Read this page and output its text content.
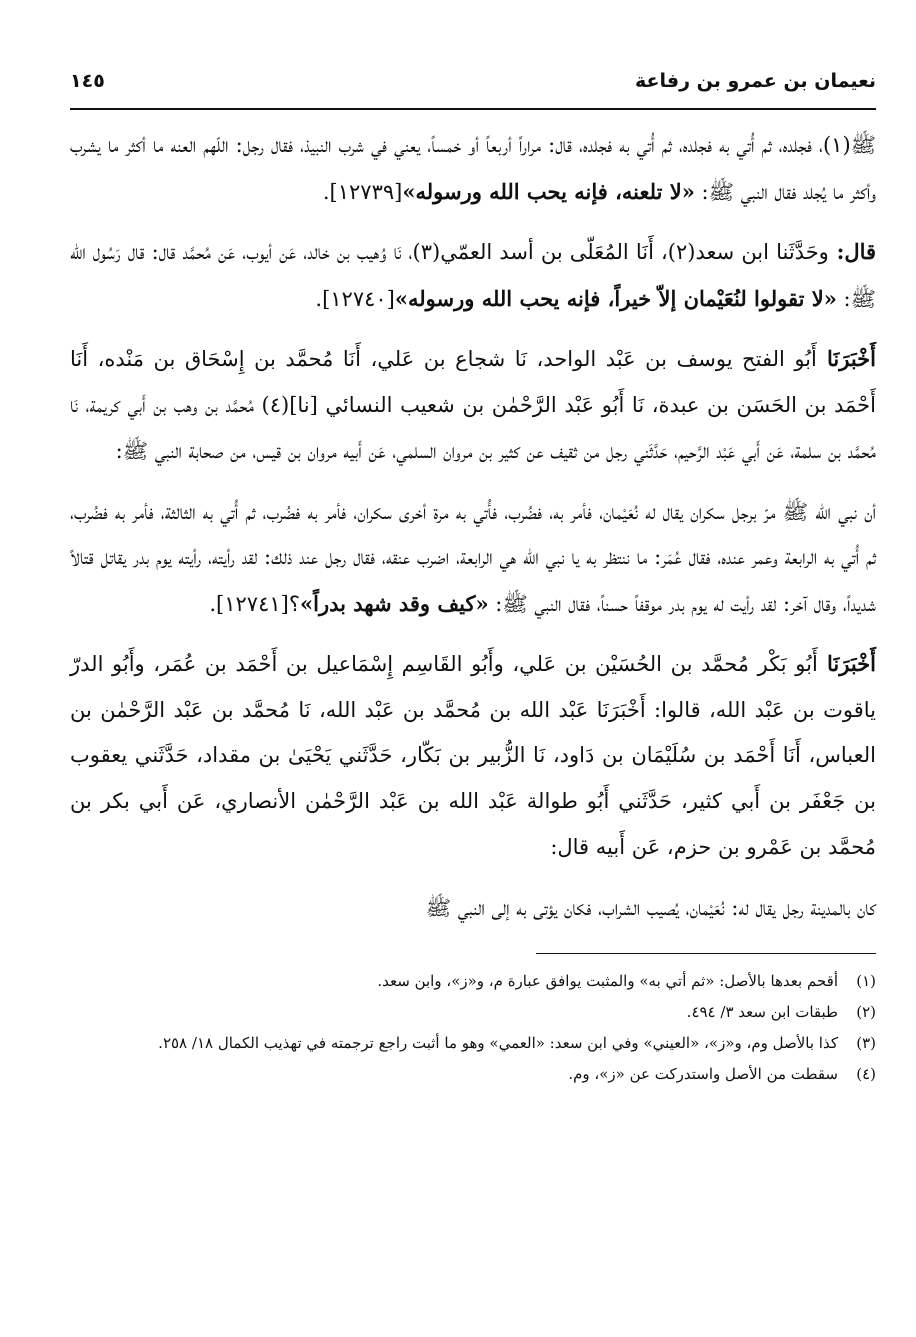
نعيمان بن عمرو بن رفاعة
١٤٥

ﷺ(١)، فجلده، ثم أُتي به فجلده، ثم أُتي به فجلده، قال: مراراً أربعاً أو خمساً، يعني في شرب النبيذ، فقال رجل: اللّهم العنه ما أكثر ما يشرب وأكثر ما يُجلد فقال النبي ﷺ: «لا تلعنه، فإنه يحب الله ورسوله»[١٢٧٣٩].

قال: وحَدَّثَنا ابن سعد(٢)، أَنَا المُعَلّى بن أسد العمّي(٣)، نَا وُهيب بن خالد، عَن أيوب، عَن مُحمَّد قال: قال رَسُول الله ﷺ: «لا تقولوا لنُعَيْمان إلاّ خيراً، فإنه يحب الله ورسوله»[١٢٧٤٠].

أَخْبَرَنَا أَبُو الفتح يوسف بن عَبْد الواحد، نَا شجاع بن عَلي، أَنَا مُحمَّد بن إِسْحَاق بن مَنْده، أَنَا أَحْمَد بن الحَسَن بن عبدة، نَا أَبُو عَبْد الرَّحْمٰن بن شعيب النسائي [نا](٤) مُحمَّد بن وهب بن أَبي كريمة، نَا مُحمَّد بن سلمة، عَن أَبي عَبْد الرَّحيم، حَدَّثَني رجل من ثقيف عن كثير بن مروان السلمي، عَن أَبيه مروان بن قيس، من صحابة النبي ﷺ:

أن نبي الله ﷺ مرّ برجل سكران يقال له نُعَيْمان، فأمر به، فضُرب، فأُتي به مرة أخرى سكران، فأمر به فضُرب، ثم أُتي به الثالثة، فأمر به فضُرب، ثم أُتي به الرابعة وعمر عنده، فقال عُمَر: ما ننتظر به يا نبي الله هي الرابعة، اضرب عنقه، فقال رجل عند ذلك: لقد رأيته، رأيته يوم بدر يقاتل قتالاً شديداً، وقال آخر: لقد رأيت له يوم بدر موقفاً حسناً، فقال النبي ﷺ: «كيف وقد شهد بدراً»؟[١٢٧٤١].

أَخْبَرَنَا أَبُو بَكْر مُحمَّد بن الحُسَيْن بن عَلي، وأَبُو القَاسِم إِسْمَاعيل بن أَحْمَد بن عُمَر، وأَبُو الدرّ ياقوت بن عَبْد الله، قالوا: أَخْبَرَنَا عَبْد الله بن مُحمَّد بن عَبْد الله، نَا مُحمَّد بن عَبْد الرَّحْمٰن بن العباس، أَنَا أَحْمَد بن سُلَيْمَان بن دَاود، نَا الزُّبير بن بَكّار، حَدَّثَني يَحْيَىٰ بن مقداد، حَدَّثَني يعقوب بن جَعْفَر بن أَبي كثير، حَدَّثَني أَبُو طوالة عَبْد الله بن عَبْد الرَّحْمٰن الأنصاري، عَن أَبي بكر بن مُحمَّد بن عَمْرو بن حزم، عَن أَبيه قال:

كان بالمدينة رجل يقال له: نُعَيْمان، يُصيب الشراب، فكان يؤتى به إلى النبي ﷺ

(١)
أقحم بعدها بالأصل: «ثم أتي به» والمثبت يوافق عبارة م، و«ز»، وابن سعد.
(٢)
طبقات ابن سعد ٣/ ٤٩٤.
(٣)
كذا بالأصل وم، و«ز»، «العيني» وفي ابن سعد: «العمي» وهو ما أثبت راجع ترجمته في تهذيب الكمال ١٨/ ٢٥٨.
(٤)
سقطت من الأصل واستدركت عن «ز»، وم.
